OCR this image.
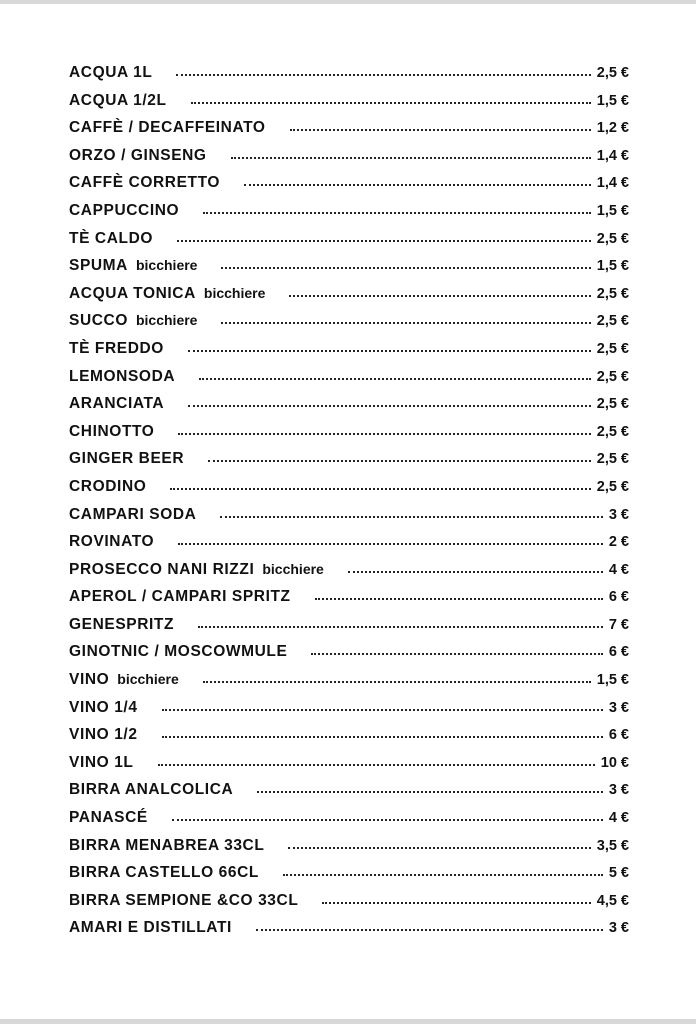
ACQUA 1L	2,5 €
ACQUA 1/2L	1,5 €
CAFFÈ / DECAFFEINATO	1,2 €
ORZO / GINSENG	1,4 €
CAFFÈ CORRETTO	1,4 €
CAPPUCCINO	1,5 €
TÈ CALDO	2,5 €
SPUMA bicchiere	1,5 €
ACQUA TONICA bicchiere	2,5 €
SUCCO bicchiere	2,5 €
TÈ FREDDO	2,5 €
LEMONSODA	2,5 €
ARANCIATA	2,5 €
CHINOTTO	2,5 €
GINGER BEER	2,5 €
CRODINO	2,5 €
CAMPARI SODA	3 €
ROVINATO	2 €
PROSECCO NANI RIZZI bicchiere	4 €
APEROL / CAMPARI SPRITZ	6 €
GENESPRITZ	7 €
GINOTNIC / MOSCOWMULE	6 €
VINO bicchiere	1,5 €
VINO 1/4	3 €
VINO 1/2	6 €
VINO 1L	10 €
BIRRA ANALCOLICA	3 €
PANASCÉ	4 €
BIRRA MENABREA 33CL	3,5 €
BIRRA CASTELLO 66CL	5 €
BIRRA SEMPIONE &CO 33CL	4,5 €
AMARI E DISTILLATI	3 €
